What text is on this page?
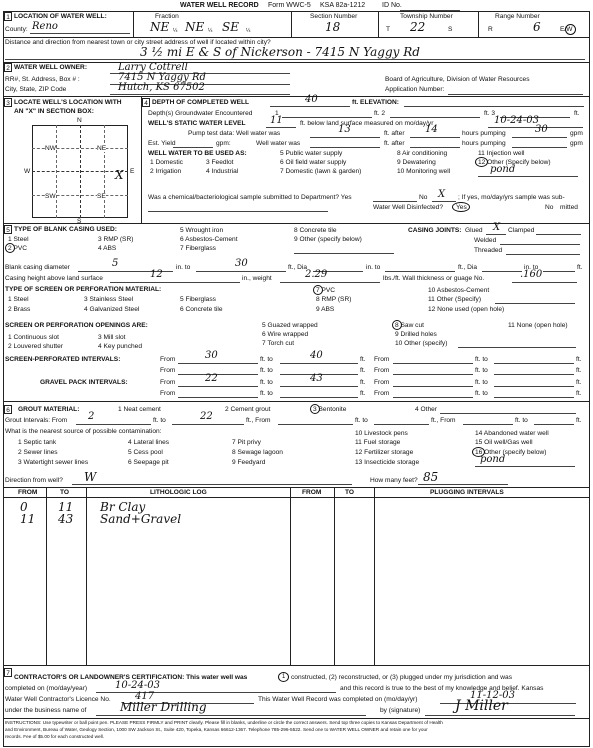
WATER WELL RECORD Form WWC-5 KSA 82a-1212 ID No.
1 LOCATION OF WATER WELL:
County: Reno
Fraction
NE ¼ NE ¼ SE ¼
Section Number
18
Township Number
T 22	S
Range Number
R	6	E/W
Distance and direction from nearest town or city street address of well if located within city?
3 ½ mi E & S of Nickerson - 7415 N Yaggy Rd
2 WATER WELL OWNER:	Larry Cottrell
RR#, St. Address, Box # :	7415 N Yaggy Rd
City, State, ZIP Code	Hutch, KS 67502
Board of Agriculture, Division of Water Resources
Application Number:
3 LOCATE WELL'S LOCATION WITH
AN "X" IN SECTION BOX:
N
S
W	E
NW	NE
SW	SE
X
4 DEPTH OF COMPLETED WELL	40	ft. ELEVATION:
Depth(s) Groundwater Encountered	1	ft. 2	ft. 3	ft.
WELL'S STATIC WATER LEVEL 11	ft. below land surface measured on mo/day/yr	10-24-03
Pump test data: Well water was	13	ft. after 14	hours pumping	30	gpm
Est. Yield	gpm:	Well water was	ft. after	hours pumping	gpm
WELL WATER TO BE USED AS:
1 Domestic
2 Irrigation
3 Feedlot
4 Industrial
5 Public water supply
6 Oil field water supply
7 Domestic (lawn & garden)
8 Air conditioning
9 Dewatering
10 Monitoring well
11 Injection well
12 Other (Specify below)
pond
Was a chemical/bacteriological sample submitted to Department? Yes	No X ; If yes, mo/day/yrs sample was sub-
mitted
Water Well Disinfected? Yes	No
5 TYPE OF BLANK CASING USED:
1 Steel
2 PVC
3 RMP (SR)
4 ABS
5 Wrought iron
6 Asbestos-Cement
7 Fiberglass
8 Concrete tile
9 Other (specify below)
CASING JOINTS: Glued X Clamped
Welded
Threaded
Blank casing diameter	5	in. to	30	ft., Dia	in. to	ft., Dia	in. to	ft.
Casing height above land surface	12	in., weight	2.29	lbs./ft. Wall thickness or guage No.	.160
TYPE OF SCREEN OR PERFORATION MATERIAL:
1 Steel
2 Brass
3 Stainless Steel
4 Galvanized Steel
5 Fiberglass
6 Concrete tile
7 PVC
8 RMP (SR)
9 ABS
10 Asbestos-Cement
11 Other (Specify)
12 None used (open hole)
SCREEN OR PERFORATION OPENINGS ARE:
1 Continuous slot
2 Louvered shutter
3 Mill slot
4 Key punched
5 Guazed wrapped
6 Wire wrapped
7 Torch cut
8 Saw cut
9 Drilled holes
10 Other (specify)
11 None (open hole)
SCREEN-PERFORATED INTERVALS:	From	30	ft. to	40	ft. From	ft. to	ft.
From	ft. to	ft. From	ft. to	ft.
GRAVEL PACK INTERVALS:	From	22	ft. to	43	ft. From	ft. to	ft.
From	ft. to	ft. From	ft. to	ft.
6	GROUT MATERIAL:	1 Neat cement	2 Cement grout	3 Bentonite	4 Other
Grout Intervals: From 2	ft. to	22	ft., From	ft. to	ft., From	ft. to	ft.
What is the nearest source of possible contamination:
1 Septic tank
2 Sewer lines
3 Watertight sewer lines
4 Lateral lines
5 Cess pool
6 Seepage pit
7 Pit privy
8 Sewage lagoon
9 Feedyard
10 Livestock pens
11 Fuel storage
12 Fertilizer storage
13 Insecticide storage
14 Abandoned water well
15 Oil well/Gas well
16 Other (specify below)
pond
Direction from well? W	How many feet? 85
FROM	TO	LITHOLOGIC LOG	FROM	TO	PLUGGING INTERVALS
0	11 Br Clay
11 43 Sand+Gravel
7
CONTRACTOR'S OR LANDOWNER'S CERTIFICATION: This water well was	1 constructed, (2) reconstructed, or (3) plugged under my jurisdiction and was
completed on (mo/day/year)	10-24-03	and this record is true to the best of my knowledge and belief. Kansas
Water Well Contractor's Licence No. 417	This Water Well Record was completed on (mo/day/yr)	11-12-03
under the business name of	Miller Drilling	by (signature) J Miller
INSTRUCTIONS: Use typewriter or ball point pen. PLEASE PRESS FIRMLY and PRINT clearly. Please fill in blanks, underline or circle the correct answers. Send top three copies to Kansas Department of Health
and Environment, Bureau of Water, Geology Section, 1000 SW Jackson St., Suite 420, Topeka, Kansas 66612-1367. Telephone 785-296-5522. Send one to WATER WELL OWNER and retain one for your
records. Fee of $5.00 for each constructed well.
